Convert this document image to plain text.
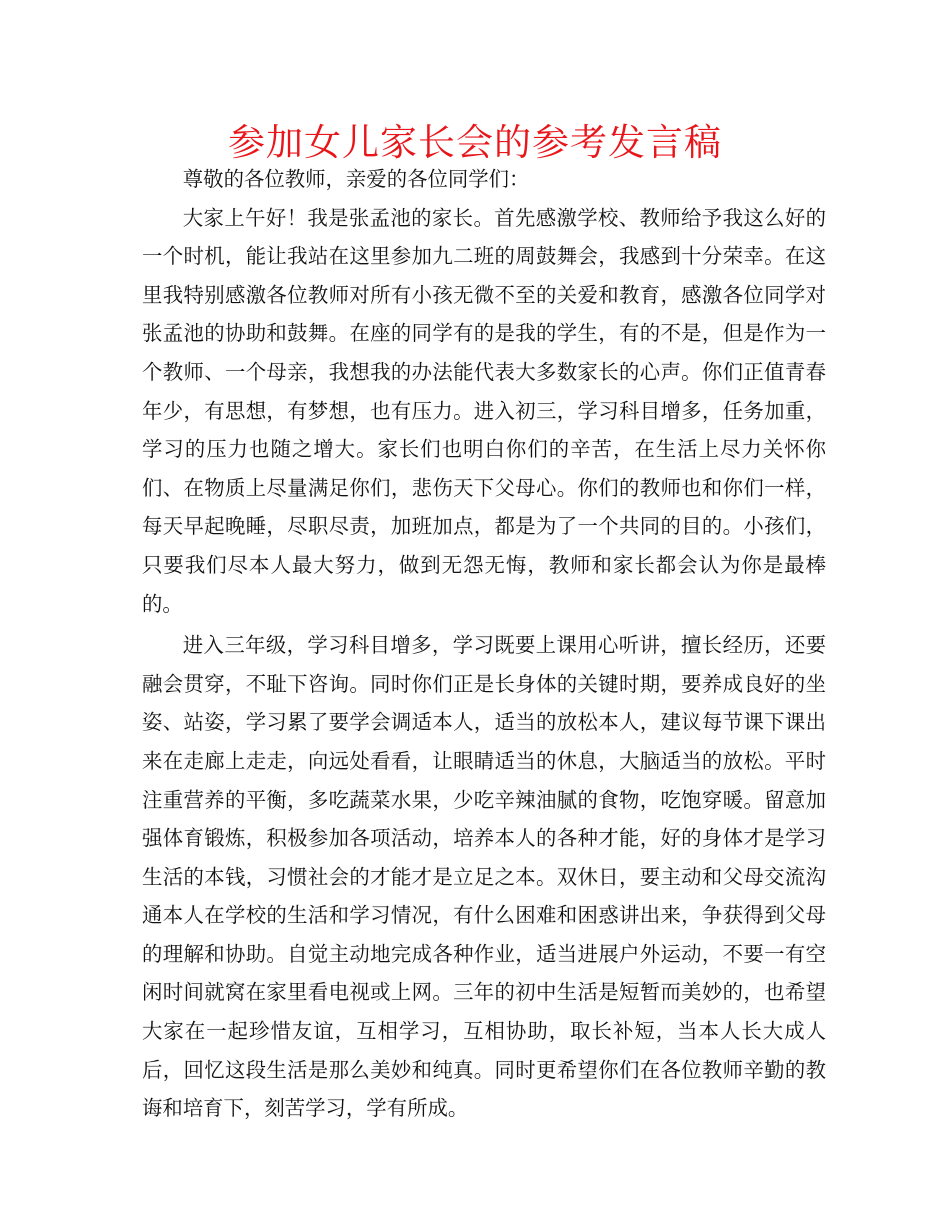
参加女儿家长会的参考发言稿

尊敬的各位教师，亲爱的各位同学们：

大家上午好！我是张孟池的家长。首先感激学校、教师给予我这么好的一个时机，能让我站在这里参加九二班的周鼓舞会，我感到十分荣幸。在这里我特别感激各位教师对所有小孩无微不至的关爱和教育，感激各位同学对张孟池的协助和鼓舞。在座的同学有的是我的学生，有的不是，但是作为一个教师、一个母亲，我想我的办法能代表大多数家长的心声。你们正值青春年少，有思想，有梦想，也有压力。进入初三，学习科目增多，任务加重，学习的压力也随之增大。家长们也明白你们的辛苦，在生活上尽力关怀你们、在物质上尽量满足你们，悲伤天下父母心。你们的教师也和你们一样，每天早起晚睡，尽职尽责，加班加点，都是为了一个共同的目的。小孩们，只要我们尽本人最大努力，做到无怨无悔，教师和家长都会认为你是最棒的。

进入三年级，学习科目增多，学习既要上课用心听讲，擅长经历，还要融会贯穿，不耻下咨询。同时你们正是长身体的关键时期，要养成良好的坐姿、站姿，学习累了要学会调适本人，适当的放松本人，建议每节课下课出来在走廊上走走，向远处看看，让眼睛适当的休息，大脑适当的放松。平时注重营养的平衡，多吃蔬菜水果，少吃辛辣油腻的食物，吃饱穿暖。留意加强体育锻炼，积极参加各项活动，培养本人的各种才能，好的身体才是学习生活的本钱，习惯社会的才能才是立足之本。双休日，要主动和父母交流沟通本人在学校的生活和学习情况，有什么困难和困惑讲出来，争获得到父母的理解和协助。自觉主动地完成各种作业，适当进展户外运动，不要一有空闲时间就窝在家里看电视或上网。三年的初中生活是短暂而美妙的，也希望大家在一起珍惜友谊，互相学习，互相协助，取长补短，当本人长大成人后，回忆这段生活是那么美妙和纯真。同时更希望你们在各位教师辛勤的教诲和培育下，刻苦学习，学有所成。
